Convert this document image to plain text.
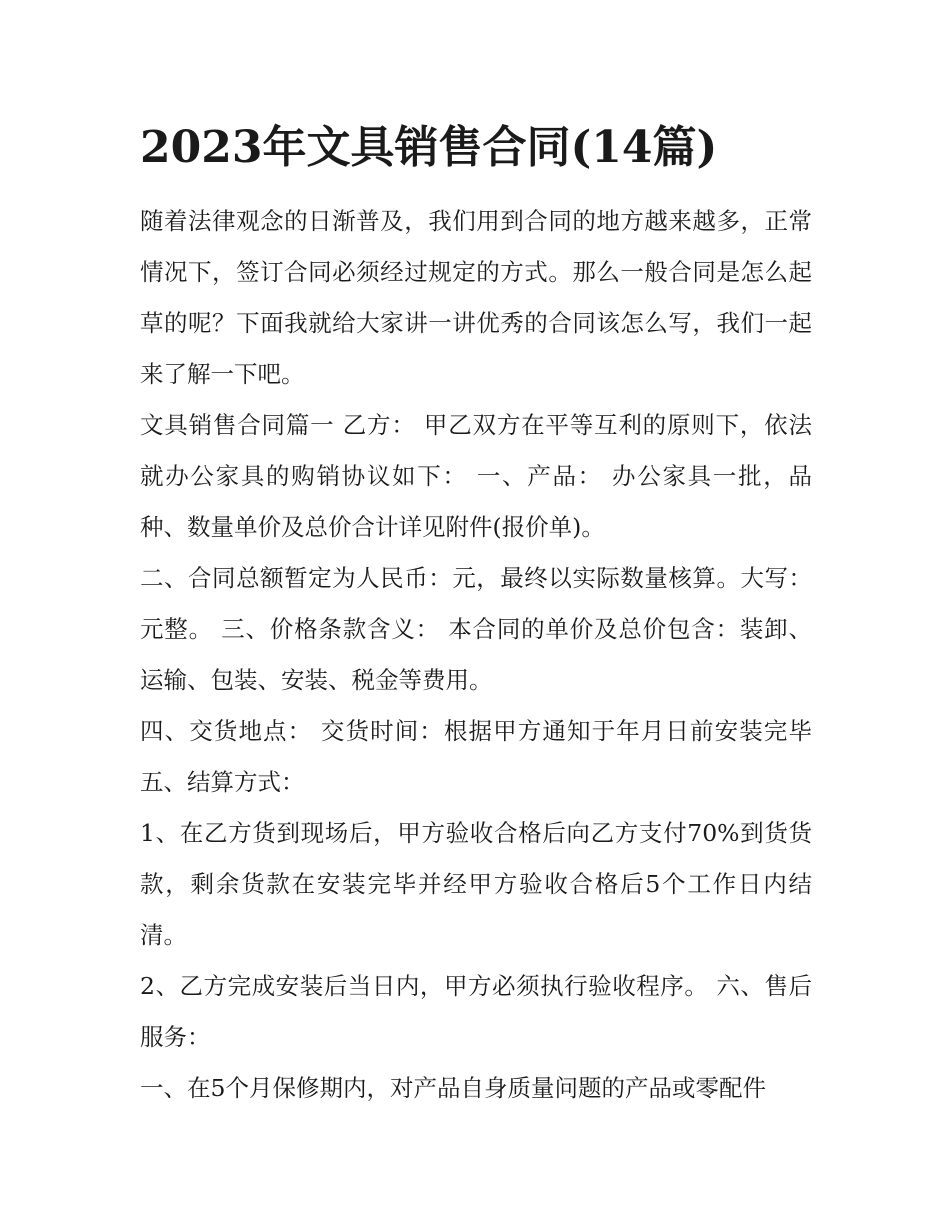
2023年文具销售合同(14篇)

随着法律观念的日渐普及，我们用到合同的地方越来越多，正常情况下，签订合同必须经过规定的方式。那么一般合同是怎么起草的呢？下面我就给大家讲一讲优秀的合同该怎么写，我们一起来了解一下吧。

文具销售合同篇一 乙方： 甲乙双方在平等互利的原则下，依法就办公家具的购销协议如下： 一、产品： 办公家具一批，品种、数量单价及总价合计详见附件(报价单)。

二、合同总额暂定为人民币：元，最终以实际数量核算。大写：元整。 三、价格条款含义： 本合同的单价及总价包含：装卸、运输、包装、安装、税金等费用。

四、交货地点： 交货时间：根据甲方通知于年月日前安装完毕 五、结算方式：

1、在乙方货到现场后，甲方验收合格后向乙方支付70%到货货款，剩余货款在安装完毕并经甲方验收合格后5个工作日内结清。

2、乙方完成安装后当日内，甲方必须执行验收程序。 六、售后服务：

一、在5个月保修期内，对产品自身质量问题的产品或零配件
